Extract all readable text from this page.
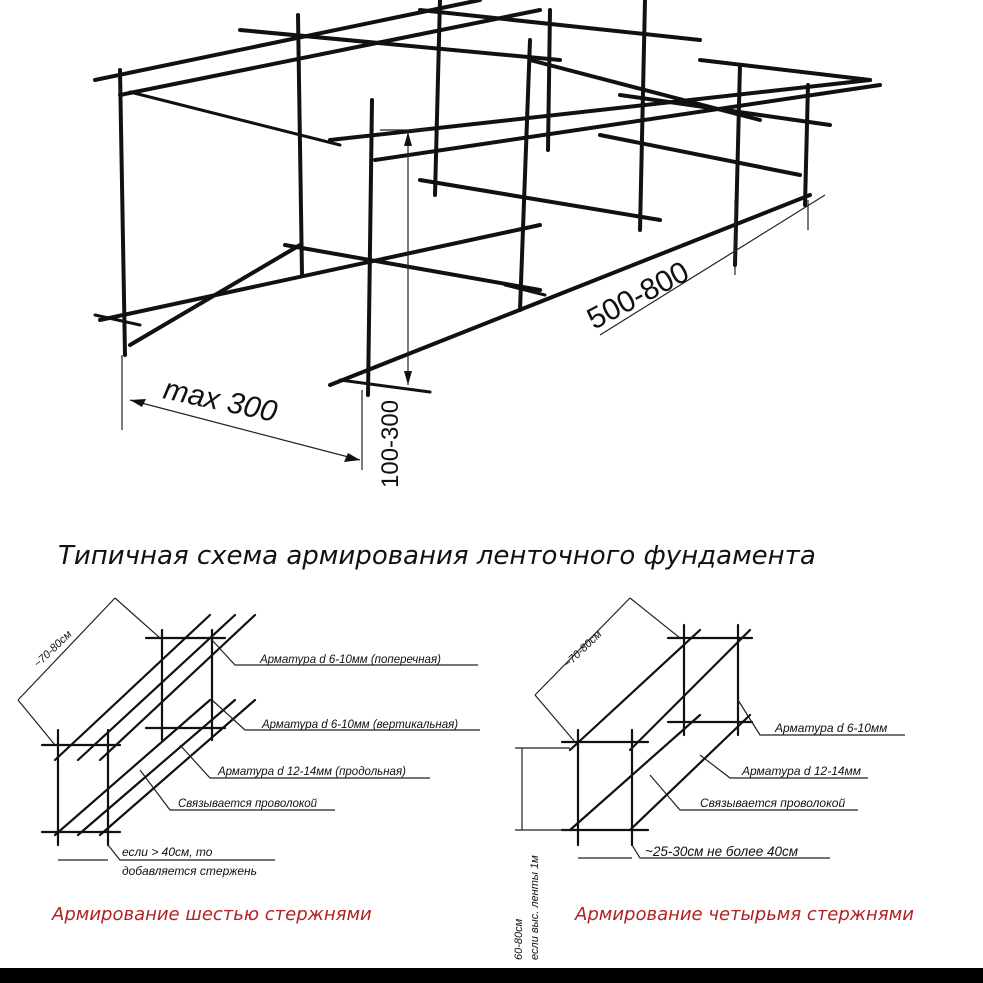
max 300	100-300
500-800
Типичная схема армирования ленточного фундамента
~70-80см	Арматура d 6-10мм (поперечная)
Арматура d 6-10мм (вертикальная)
Арматура d 12-14мм (продольная)
Связывается проволокой
если > 40см, то
добавляется стержень
Армирование шестью стержнями
~70-80см
Арматура d 6-10мм
Арматура d 12-14мм
Связывается проволокой
~25-30см не более 40см
60-80см если выс. ленты 1м Армирование четырьмя стержнями
